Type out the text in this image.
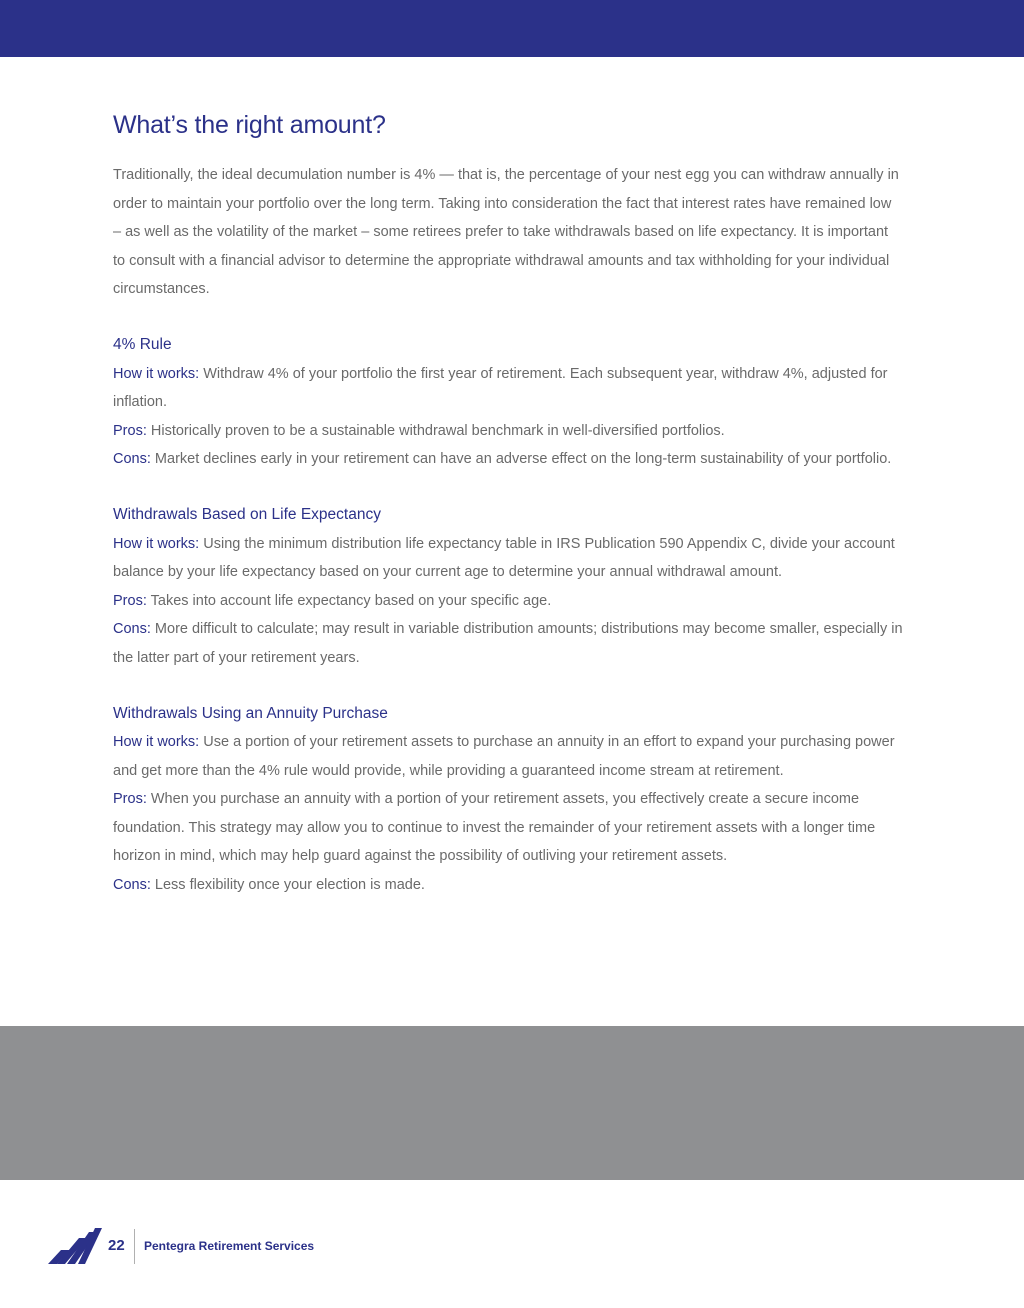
What’s the right amount?

Traditionally, the ideal decumulation number is 4% — that is, the percentage of your nest egg you can withdraw annually in order to maintain your portfolio over the long term. Taking into consideration the fact that interest rates have remained low – as well as the volatility of the market – some retirees prefer to take withdrawals based on life expectancy. It is important to consult with a financial advisor to determine the appropriate withdrawal amounts and tax withholding for your individual circumstances.

4% Rule

How it works: Withdraw 4% of your portfolio the first year of retirement. Each subsequent year, withdraw 4%, adjusted for inflation.

Pros: Historically proven to be a sustainable withdrawal benchmark in well-diversified portfolios.

Cons: Market declines early in your retirement can have an adverse effect on the long-term sustainability of your portfolio.

Withdrawals Based on Life Expectancy

How it works: Using the minimum distribution life expectancy table in IRS Publication 590 Appendix C, divide your account balance by your life expectancy based on your current age to determine your annual withdrawal amount.

Pros: Takes into account life expectancy based on your specific age.

Cons: More difficult to calculate; may result in variable distribution amounts; distributions may become smaller, especially in the latter part of your retirement years.

Withdrawals Using an Annuity Purchase

How it works: Use a portion of your retirement assets to purchase an annuity in an effort to expand your purchasing power and get more than the 4% rule would provide, while providing a guaranteed income stream at retirement.

Pros: When you purchase an annuity with a portion of your retirement assets, you effectively create a secure income foundation. This strategy may allow you to continue to invest the remainder of your retirement assets with a longer time horizon in mind, which may help guard against the possibility of outliving your retirement assets.

Cons: Less flexibility once your election is made.

22 Pentegra Retirement Services
